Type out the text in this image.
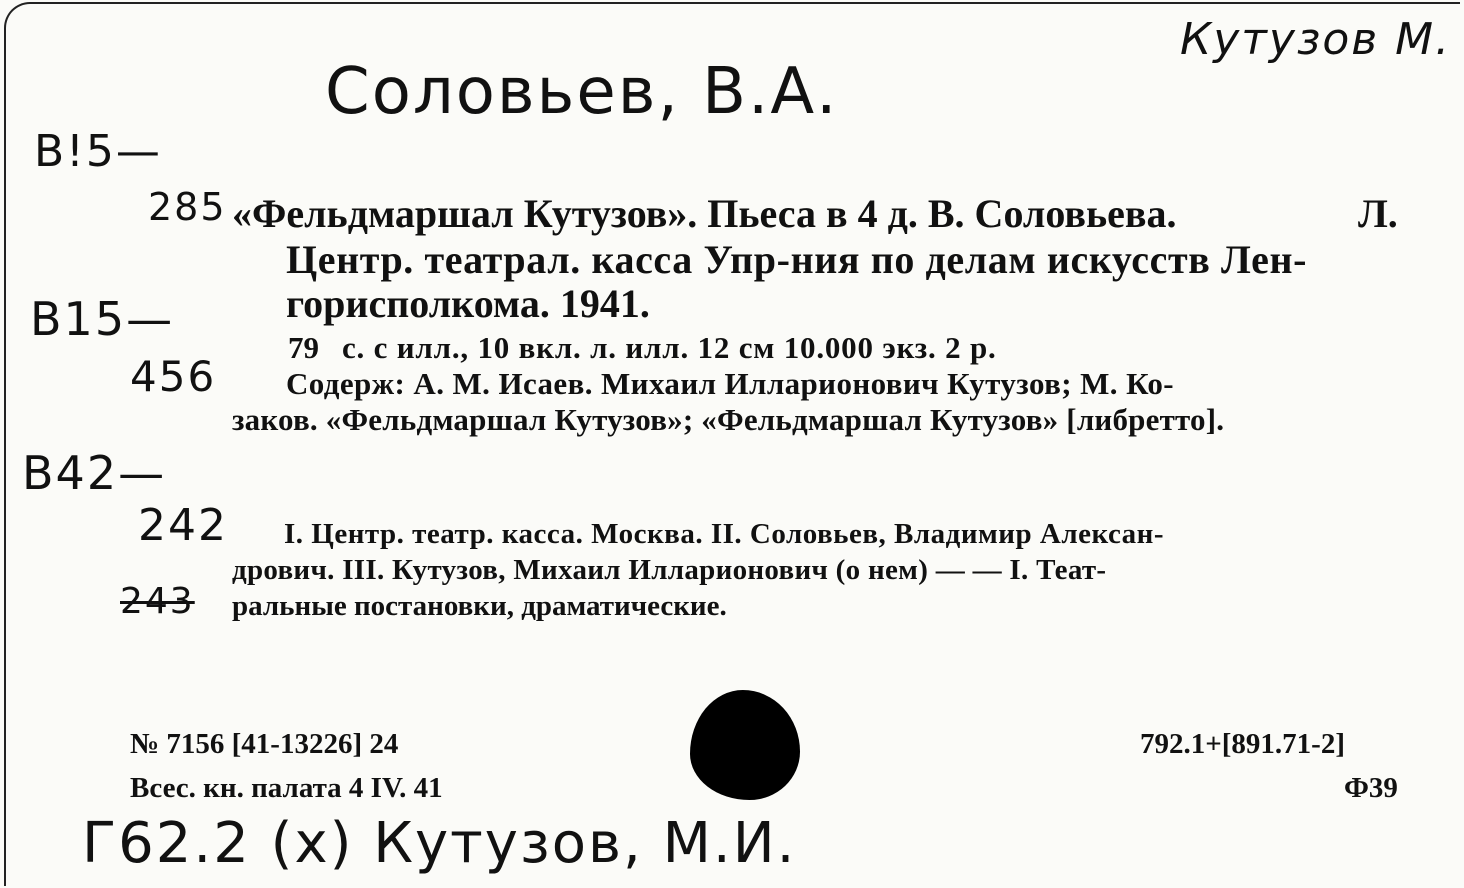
Кутузов М.
Соловьев, В.А.
В!5—
285
В15—
456
В42—
242
243
Г62.2 (х) Кутузов, М.И.
«Фельдмаршал Кутузов». Пьеса в 4 д. В. Соловьева.	Л.
Центр. театрал. касса Упр-ния по делам искусств Лен-
горисполкома. 1941.
79 с. с илл., 10 вкл. л. илл. 12 см 10.000 экз. 2 р.
Содерж: А. М. Исаев. Михаил Илларионович Кутузов; М. Ко-
заков. «Фельдмаршал Кутузов»; «Фельдмаршал Кутузов» [либретто].
I. Центр. театр. касса. Москва. II. Соловьев, Владимир Алексан-
дрович. III. Кутузов, Михаил Илларионович (о нем) — — I. Теат-
ральные постановки, драматические.
№ 7156 [41-13226] 24
Всес. кн. палата 4 IV. 41
792.1+[891.71-2]
Ф39
